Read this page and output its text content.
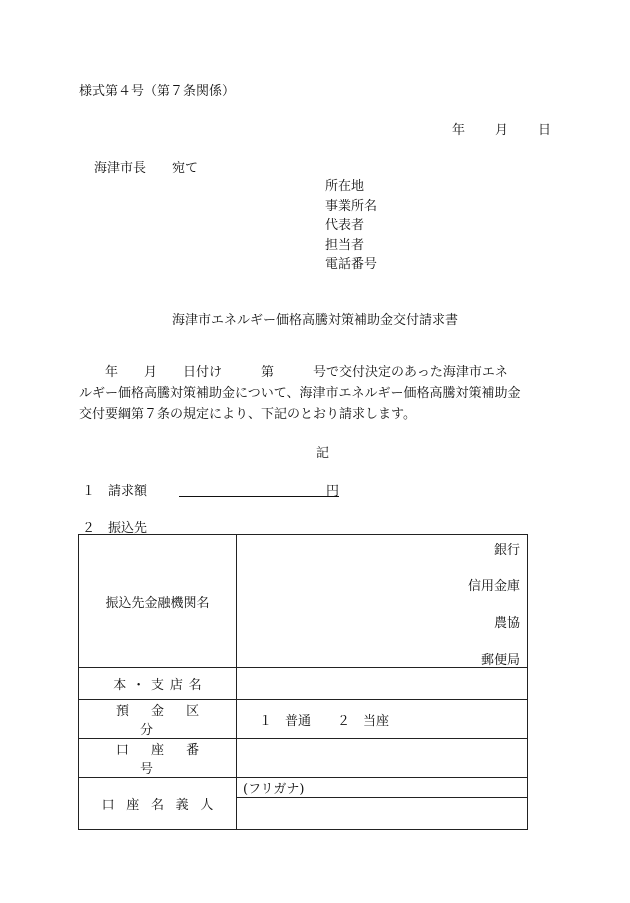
様式第４号（第７条関係）
年 月 日
海津市長　　宛て
所在地
事業所名
代表者
担当者
電話番号
海津市エネルギー価格高騰対策補助金交付請求書
　　年　　月　　日付け　　　第　　　号で交付決定のあった海津市エネ
ルギー価格高騰対策補助金について、海津市エネルギー価格高騰対策補助金
交付要綱第７条の規定により、下記のとおり請求します。
記
１　請求額	円
２　振込先
振込先金融機関名	銀行
信用金庫
農協
郵便局

本・支店名	
預金区分	１　普通　　２　当座
口座番号	
口座名義人	(フリガナ)
